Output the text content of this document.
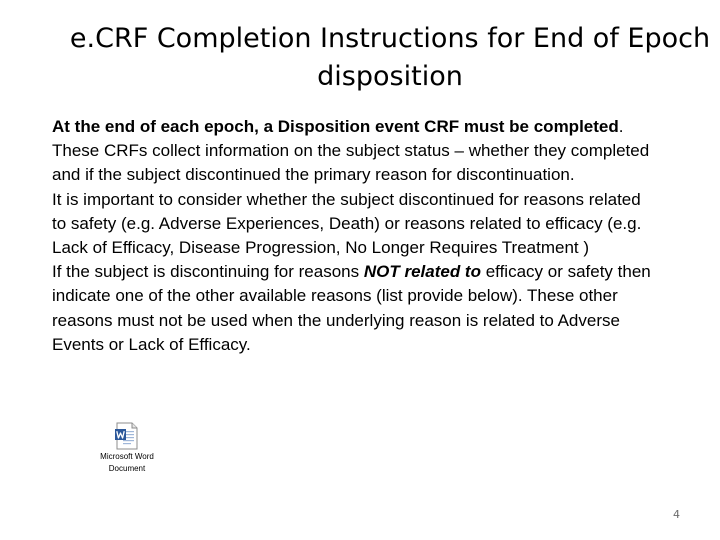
e.CRF Completion Instructions for End of Epoch
disposition

At the end of each epoch, a Disposition event CRF must be completed. These CRFs collect information on the subject status – whether they completed and if the subject discontinued the primary reason for discontinuation.

It is important to consider whether the subject discontinued for reasons related to safety (e.g. Adverse Experiences, Death) or reasons related to efficacy (e.g. Lack of Efficacy, Disease Progression, No Longer Requires Treatment )

If the subject is discontinuing for reasons NOT related to efficacy or safety then indicate one of the other available reasons (list provide below). These other reasons must not be used when the underlying reason is related to Adverse Events or Lack of Efficacy.

Microsoft Word
Document
4
